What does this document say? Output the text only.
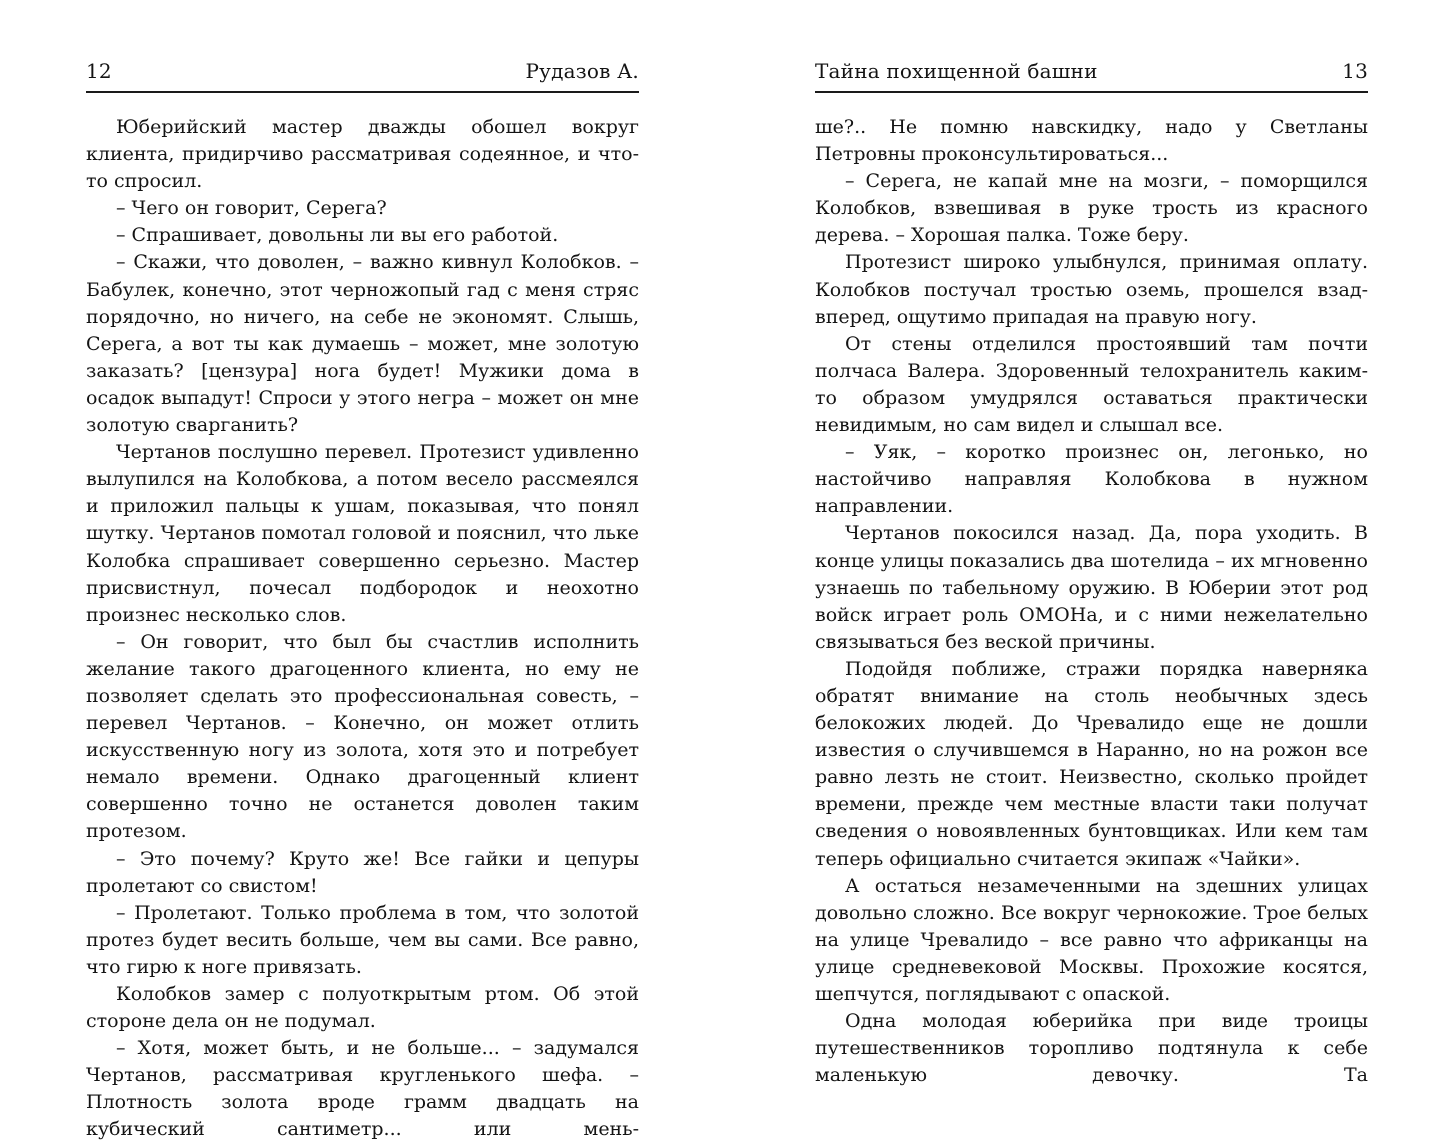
12	Рудазов А.

Юберийский мастер дважды обошел вокруг клиента, придирчиво рассматривая содеянное, и что-то спросил.

– Чего он говорит, Серега?

– Спрашивает, довольны ли вы его работой.

– Скажи, что доволен, – важно кивнул Колобков. – Бабулек, конечно, этот черножопый гад с меня стряс порядочно, но ничего, на себе не экономят. Слышь, Серега, а вот ты как думаешь – может, мне золотую заказать? [цензура] нога будет! Мужики дома в осадок выпадут! Спроси у этого негра – может он мне золотую сварганить?

Чертанов послушно перевел. Протезист удивленно вылупился на Колобкова, а потом весело рассмеялся и приложил пальцы к ушам, показывая, что понял шутку. Чертанов помотал головой и пояснил, что лькe Колобка спрашивает совершенно серьезно. Мастер присвистнул, почесал подбородок и неохотно произнес несколько слов.

– Он говорит, что был бы счастлив исполнить желание такого драгоценного клиента, но ему не позволяет сделать это профессиональная совесть, – перевел Чертанов. – Конечно, он может отлить искусственную ногу из золота, хотя это и потребует немало времени. Однако драгоценный клиент совершенно точно не останется доволен таким протезом.

– Это почему? Круто же! Все гайки и цепуры пролетают со свистом!

– Пролетают. Только проблема в том, что золотой протез будет весить больше, чем вы сами. Все равно, что гирю к ноге привязать.

Колобков замер с полуоткрытым ртом. Об этой стороне дела он не подумал.

– Хотя, может быть, и не больше... – задумался Чертанов, рассматривая кругленького шефа. – Плотность золота вроде грамм двадцать на кубический сантиметр... или мень-

Тайна похищенной башни	13

ше?.. Не помню навскидку, надо у Светланы Петровны проконсультироваться...

– Серега, не капай мне на мозги, – поморщился Колобков, взвешивая в руке трость из красного дерева. – Хорошая палка. Тоже беру.

Протезист широко улыбнулся, принимая оплату. Колобков постучал тростью оземь, прошелся взад-вперед, ощутимо припадая на правую ногу.

От стены отделился простоявший там почти полчаса Валера. Здоровенный телохранитель каким-то образом умудрялся оставаться практически невидимым, но сам видел и слышал все.

– Уяк, – коротко произнес он, легонько, но настойчиво направляя Колобкова в нужном направлении.

Чертанов покосился назад. Да, пора уходить. В конце улицы показались два шотелида – их мгновенно узнаешь по табельному оружию. В Юберии этот род войск играет роль ОМОНа, и с ними нежелательно связываться без веской причины.

Подойдя поближе, стражи порядка наверняка обратят внимание на столь необычных здесь белокожих людей. До Чревалидо еще не дошли известия о случившемся в Наранно, но на рожон все равно лезть не стоит. Неизвестно, сколько пройдет времени, прежде чем местные власти таки получат сведения о новоявленных бунтовщиках. Или кем там теперь официально считается экипаж «Чайки».

А остаться незамеченными на здешних улицах довольно сложно. Все вокруг чернокожие. Трое белых на улице Чревалидо – все равно что африканцы на улице средневековой Москвы. Прохожие косятся, шепчутся, поглядывают с опаской.

Одна молодая юберийка при виде троицы путешественников торопливо подтянула к себе маленькую девочку. Та
